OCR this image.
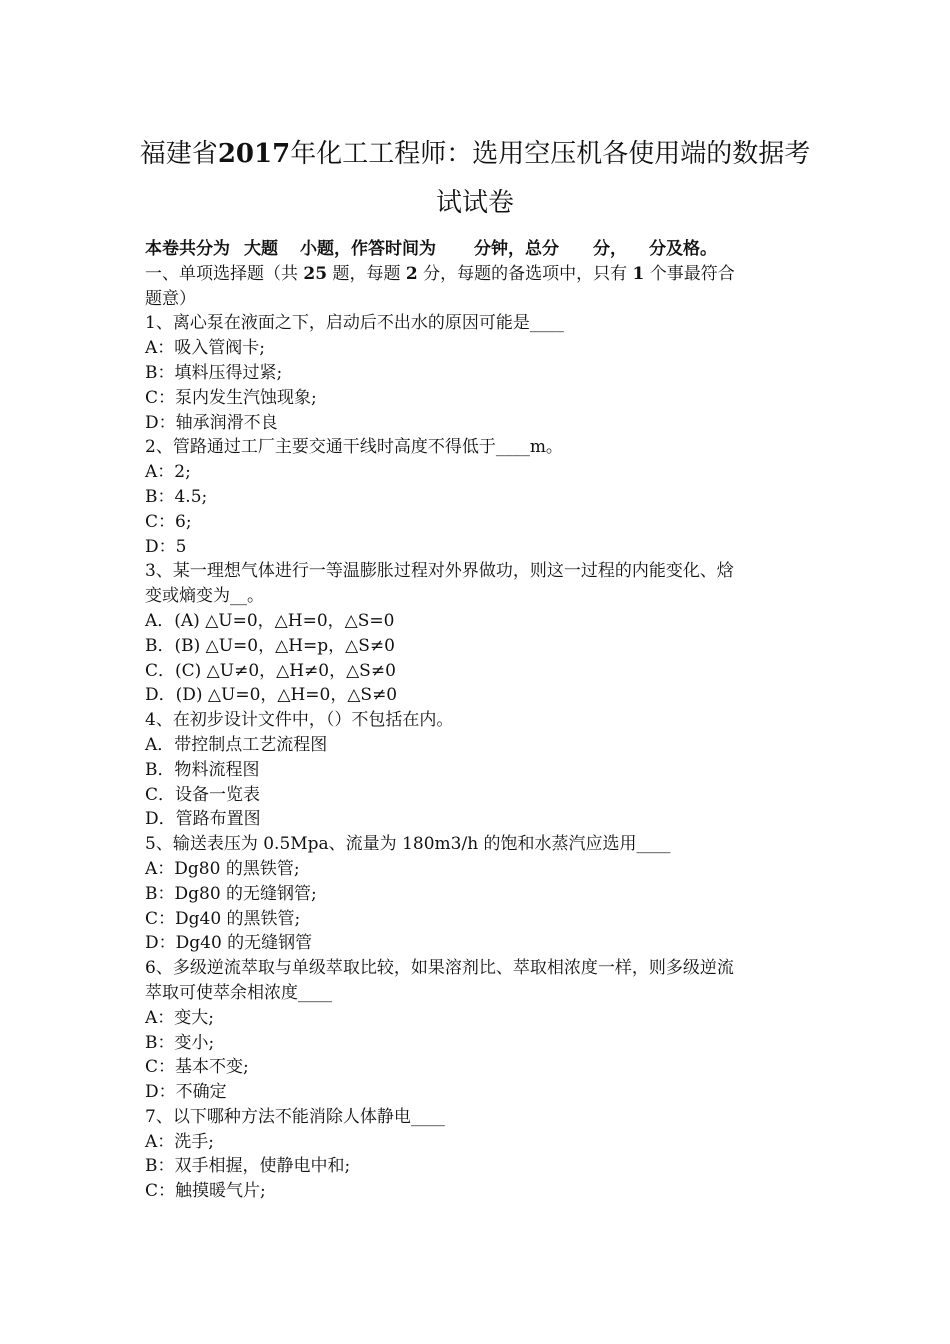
福建省2017年化工工程师：选用空压机各使用端的数据考
试试卷
本卷共分为 大题 小题，作答时间为 分钟，总分 分， 分及格。
一、单项选择题（共 25 题，每题 2 分，每题的备选项中，只有 1 个事最符合
题意）
1、离心泵在液面之下，启动后不出水的原因可能是____
A：吸入管阀卡;
B：填料压得过紧;
C：泵内发生汽蚀现象;
D：轴承润滑不良
2、管路通过工厂主要交通干线时高度不得低于____m。
A：2;
B：4.5;
C：6;
D：5
3、某一理想气体进行一等温膨胀过程对外界做功，则这一过程的内能变化、焓
变或熵变为__。
A．(A) △U=0，△H=0，△S=0
B．(B) △U=0，△H=p，△S≠0
C．(C) △U≠0，△H≠0，△S≠0
D．(D) △U=0，△H=0，△S≠0
4、在初步设计文件中，（）不包括在内。
A．带控制点工艺流程图
B．物料流程图
C．设备一览表
D．管路布置图
5、输送表压为 0.5Mpa、流量为 180m3/h 的饱和水蒸汽应选用____
A：Dg80 的黑铁管;
B：Dg80 的无缝钢管;
C：Dg40 的黑铁管;
D：Dg40 的无缝钢管
6、多级逆流萃取与单级萃取比较，如果溶剂比、萃取相浓度一样，则多级逆流
萃取可使萃余相浓度____
A：变大;
B：变小;
C：基本不变;
D：不确定
7、以下哪种方法不能消除人体静电____
A：洗手;
B：双手相握，使静电中和;
C：触摸暖气片;
